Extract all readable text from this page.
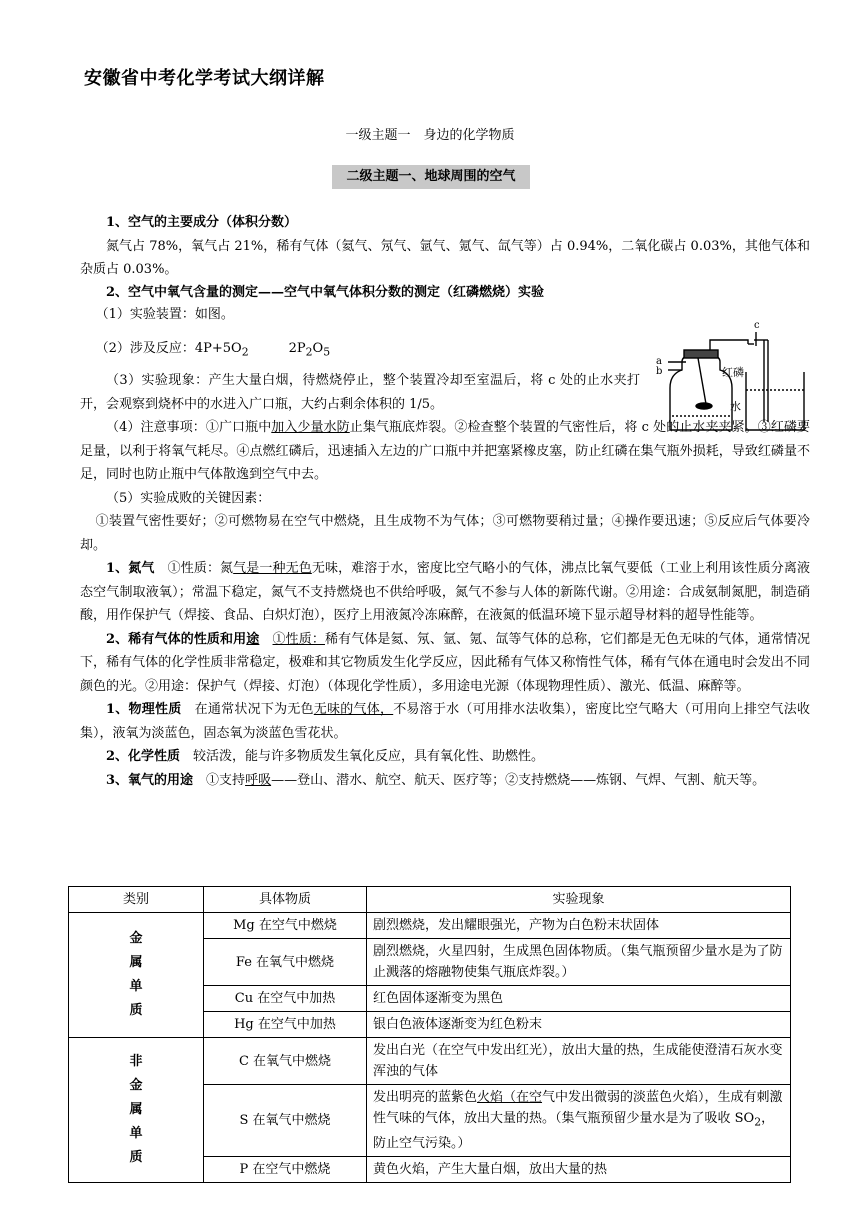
安徽省中考化学考试大纲详解
一级主题一　身边的化学物质
二级主题一、地球周围的空气
1、空气的主要成分（体积分数）
氮气占 78%，氧气占 21%，稀有气体（氦气、氖气、氩气、氪气、氙气等）占 0.94%，二氧化碳占 0.03%，其他气体和杂质占 0.03%。
2、空气中氧气含量的测定——空气中氧气体积分数的测定（红磷燃烧）实验
（1）实验装置：如图。
（2）涉及反应：$4P+5O_2$	$2P_2O_5$
（3）实验现象：产生大量白烟，待燃烧停止，整个装置冷却至室温后，将 c 处的止水夹打开，会观察到烧杯中的水进入广口瓶，大约占剩余体积的 1/5。
（4）注意事项：①广口瓶中加入少量水防止集气瓶底炸裂。②检查整个装置的气密性后，将 c 处的止水夹夹紧。③红磷要足量，以利于将氧气耗尽。④点燃红磷后，迅速插入左边的广口瓶中并把塞紧橡皮塞，防止红磷在集气瓶外损耗，导致红磷量不足，同时也防止瓶中气体散逸到空气中去。
（5）实验成败的关键因素：
①装置气密性要好；②可燃物易在空气中燃烧，且生成物不为气体；③可燃物要稍过量；④操作要迅速；⑤反应后气体要冷却。
1、氮气　①性质：氮气是一种无色无味，难溶于水，密度比空气略小的气体，沸点比氧气要低（工业上利用该性质分离液态空气制取液氧）；常温下稳定，氮气不支持燃烧也不供给呼吸，氮气不参与人体的新陈代谢。②用途：合成氨制氮肥，制造硝酸，用作保护气（焊接、食品、白炽灯泡），医疗上用液氮冷冻麻醉，在液氮的低温环境下显示超导材料的超导性能等。
2、稀有气体的性质和用途　 ①性质：稀有气体是氦、氖、氩、氪、氙等气体的总称，它们都是无色无味的气体，通常情况下，稀有气体的化学性质非常稳定，极难和其它物质发生化学反应，因此稀有气体又称惰性气体，稀有气体在通电时会发出不同颜色的光。②用途：保护气（焊接、灯泡）（体现化学性质），多用途电光源（体现物理性质）、激光、低温、麻醉等。
1、物理性质　在通常状况下为无色无味的气体，不易溶于水（可用排水法收集），密度比空气略大（可用向上排空气法收集），液氧为淡蓝色，固态氧为淡蓝色雪花状。
2、化学性质　较活泼，能与许多物质发生氧化反应，具有氧化性、助燃性。
3、氧气的用途　①支持呼吸——登山、潜水、航空、航天、医疗等；②支持燃烧——炼钢、气焊、气割、航天等。
c
a
b	红磷
水
类别	具体物质	实验现象
金
属
单
质	Mg 在空气中燃烧	剧烈燃烧，发出耀眼强光，产物为白色粉末状固体
	Fe 在氧气中燃烧	剧烈燃烧，火星四射，生成黑色固体物质。（集气瓶预留少量水是为了防止溅落的熔融物使集气瓶底炸裂。）
	Cu 在空气中加热	红色固体逐渐变为黑色
	Hg 在空气中加热	银白色液体逐渐变为红色粉末
非
金
属
单
质	C 在氧气中燃烧	发出白光（在空气中发出红光），放出大量的热，生成能使澄清石灰水变浑浊的气体
	S 在氧气中燃烧	发出明亮的蓝紫色火焰（在空气中发出微弱的淡蓝色火焰），生成有刺激性气味的气体，放出大量的热。（集气瓶预留少量水是为了吸收 $SO_2$，防止空气污染。）
	P 在空气中燃烧	黄色火焰，产生大量白烟，放出大量的热
